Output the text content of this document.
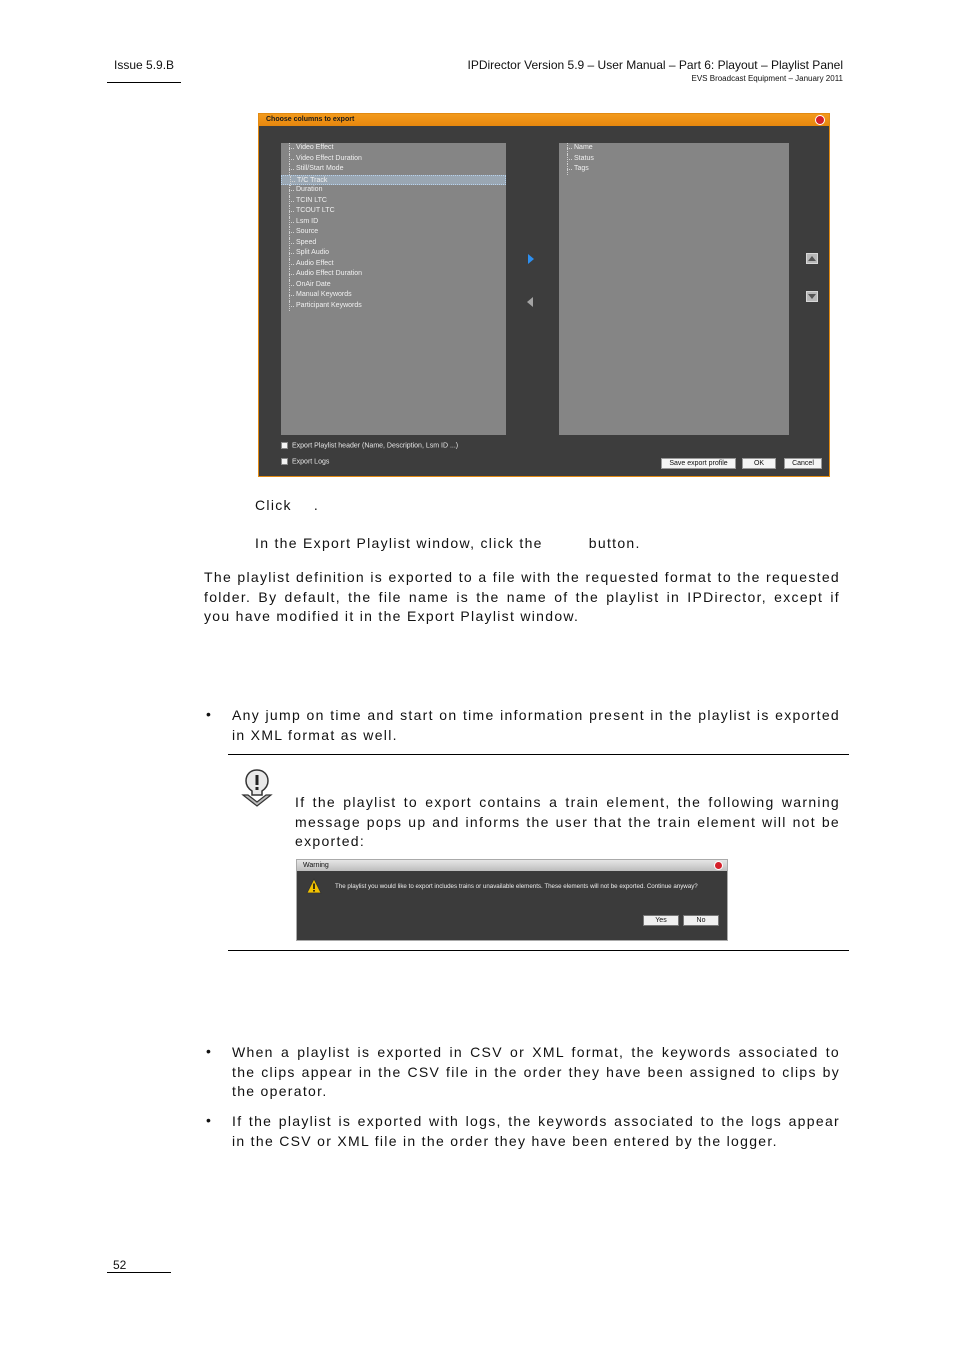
Issue 5.9.B	IPDirector Version 5.9 – User Manual – Part 6: Playout – Playlist Panel
EVS Broadcast Equipment – January 2011
Choose columns to export
Video Effect
Video Effect Duration
Still/Start Mode
T/C Track
Duration
TCIN LTC
TCOUT LTC
Lsm ID
Source
Speed
Split Audio
Audio Effect
Audio Effect Duration
OnAir Date
Manual Keywords
Participant Keywords
Name
Status
Tags
Export Playlist header (Name, Description, Lsm ID ...)
Export Logs	Save export profile	OK	Cancel
Click .
In the Export Playlist window, click the	button.
The playlist definition is exported to a file with the requested format to the requested folder. By default, the file name is the name of the playlist in IPDirector, except if you have modified it in the Export Playlist window.
• Any jump on time and start on time information present in the playlist is exported in XML format as well.
If the playlist to export contains a train element, the following warning message pops up and informs the user that the train element will not be exported:
Warning
The playlist you would like to export includes trains or unavailable elements. These elements will not be exported. Continue anyway?
Yes	No
• When a playlist is exported in CSV or XML format, the keywords associated to the clips appear in the CSV file in the order they have been assigned to clips by the operator.
• If the playlist is exported with logs, the keywords associated to the logs appear in the CSV or XML file in the order they have been entered by the logger.
52
